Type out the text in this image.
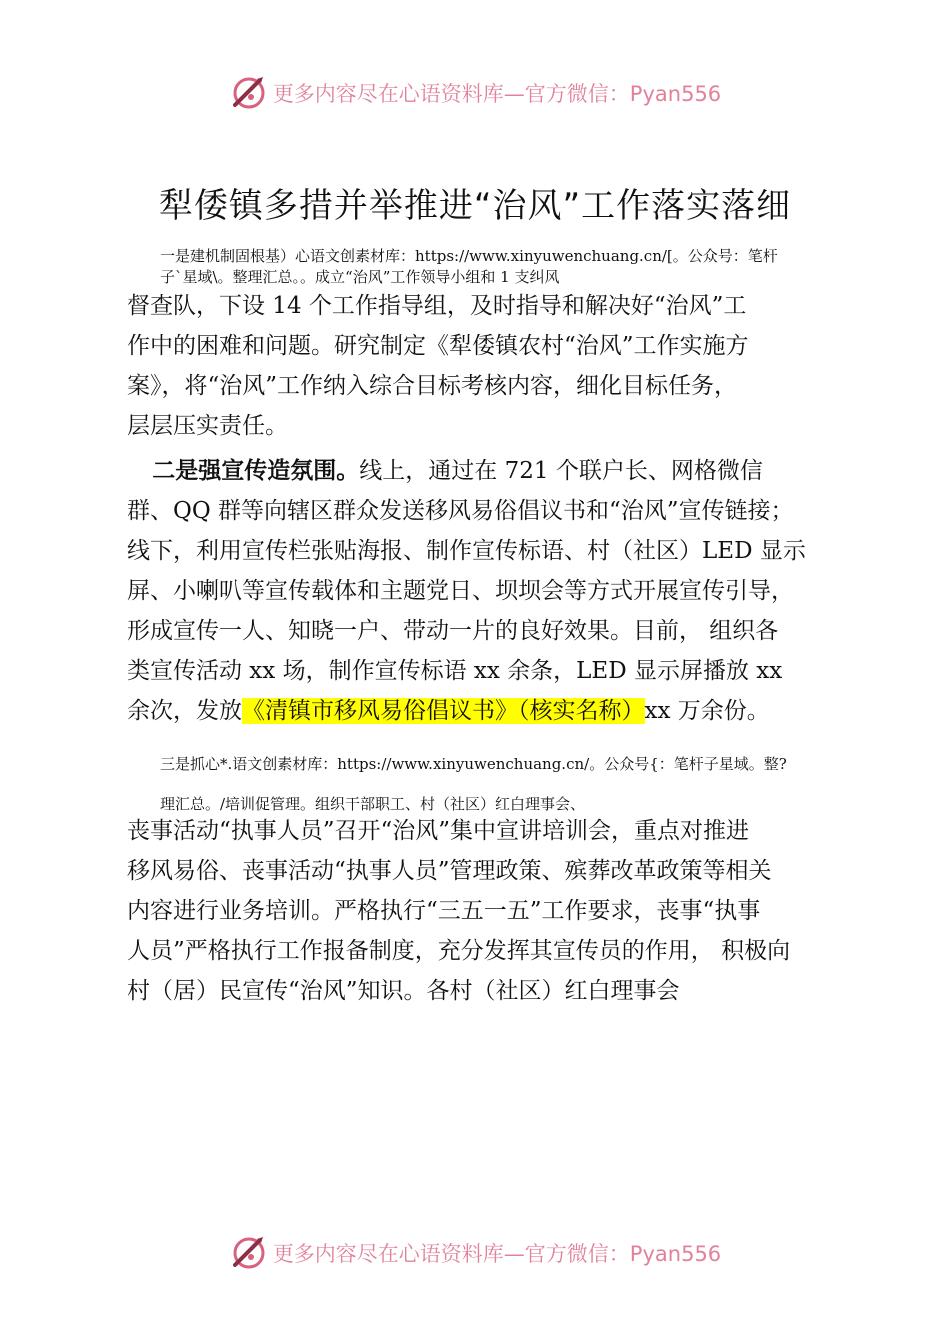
更多内容尽在心语资料库—官方微信：Pyan556
犁倭镇多措并举推进“治风”工作落实落细
一是建机制固根基）心语文创素材库：https://www.xinyuwenchuang.cn/[。公众号：笔杆
子`星域\。整理汇总。。成立“治风”工作领导小组和 1 支纠风
督查队，下设 14 个工作指导组，及时指导和解决好“治风”工
作中的困难和问题。研究制定《犁倭镇农村“治风”工作实施方
案》，将“治风”工作纳入综合目标考核内容，细化目标任务，
层层压实责任。
  二是强宣传造氛围。线上，通过在 721 个联户长、网格微信
群、QQ 群等向辖区群众发送移风易俗倡议书和“治风”宣传链接；
线下，利用宣传栏张贴海报、制作宣传标语、村（社区）LED 显示
屏、小喇叭等宣传载体和主题党日、坝坝会等方式开展宣传引导，
形成宣传一人、知晓一户、带动一片的良好效果。目前， 组织各
类宣传活动 xx 场，制作宣传标语 xx 余条，LED 显示屏播放 xx
余次，发放《清镇市移风易俗倡议书》（核实名称）xx 万余份。
三是抓心*.语文创素材库：https://www.xinyuwenchuang.cn/。公众号{：笔杆子星域。整?
理汇总。/培训促管理。组织干部职工、村（社区）红白理事会、
丧事活动“执事人员”召开“治风”集中宣讲培训会，重点对推进
移风易俗、丧事活动“执事人员”管理政策、殡葬改革政策等相关
内容进行业务培训。严格执行“三五一五”工作要求，丧事“执事
人员”严格执行工作报备制度，充分发挥其宣传员的作用， 积极向
村（居）民宣传“治风”知识。各村（社区）红白理事会
更多内容尽在心语资料库—官方微信：Pyan556
